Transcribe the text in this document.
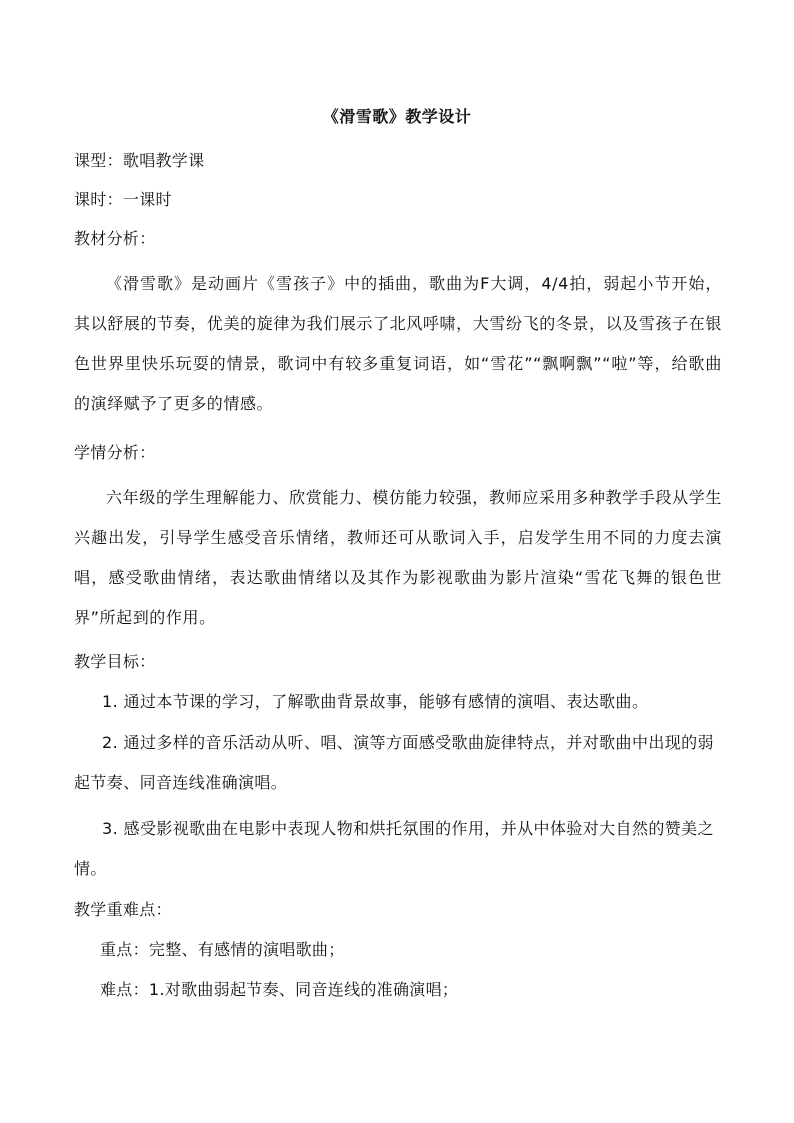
《滑雪歌》教学设计
课型：歌唱教学课
课时：一课时
教材分析：
《滑雪歌》是动画片《雪孩子》中的插曲，歌曲为F大调，4/4拍，弱起小节开始，其以舒展的节奏，优美的旋律为我们展示了北风呼啸，大雪纷飞的冬景，以及雪孩子在银色世界里快乐玩耍的情景，歌词中有较多重复词语，如“雪花”“飘啊飘”“啦”等，给歌曲的演绎赋予了更多的情感。
学情分析：
六年级的学生理解能力、欣赏能力、模仿能力较强，教师应采用多种教学手段从学生兴趣出发，引导学生感受音乐情绪，教师还可从歌词入手，启发学生用不同的力度去演唱，感受歌曲情绪，表达歌曲情绪以及其作为影视歌曲为影片渲染“雪花飞舞的银色世界”所起到的作用。
教学目标：
1. 通过本节课的学习，了解歌曲背景故事，能够有感情的演唱、表达歌曲。
2. 通过多样的音乐活动从听、唱、演等方面感受歌曲旋律特点，并对歌曲中出现的弱起节奏、同音连线准确演唱。
3. 感受影视歌曲在电影中表现人物和烘托氛围的作用，并从中体验对大自然的赞美之情。
教学重难点：
重点：完整、有感情的演唱歌曲；
难点：1.对歌曲弱起节奏、同音连线的准确演唱；
